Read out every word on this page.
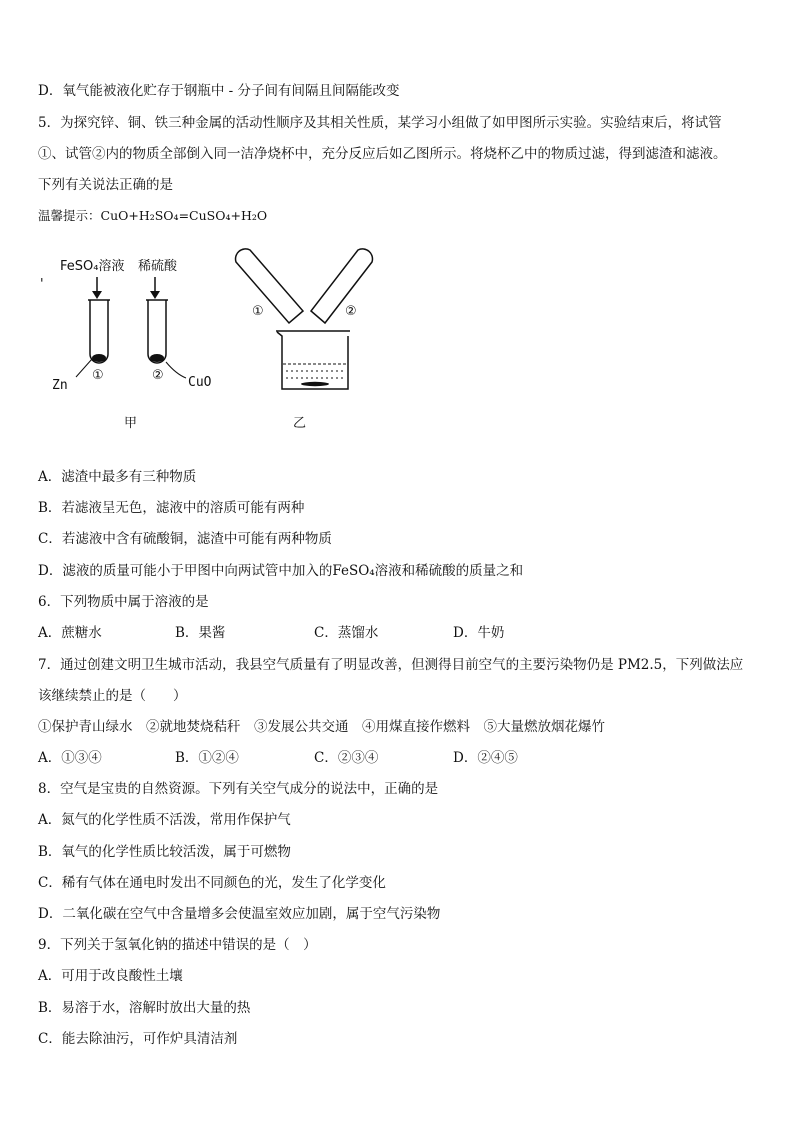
D．氧气能被液化贮存于钢瓶中 - 分子间有间隔且间隔能改变
5．为探究锌、铜、铁三种金属的活动性顺序及其相关性质，某学习小组做了如甲图所示实验。实验结束后，将试管
①、试管②内的物质全部倒入同一洁净烧杯中，充分反应后如乙图所示。将烧杯乙中的物质过滤，得到滤渣和滤液。
下列有关说法正确的是
温馨提示：CuO+H₂SO₄=CuSO₄+H₂O
FeSO₄溶液 稀硫酸
'
Zn
①	② CuO
甲
①	②
乙
A．滤渣中最多有三种物质
B．若滤液呈无色，滤液中的溶质可能有两种
C．若滤液中含有硫酸铜，滤渣中可能有两种物质
D．滤液的质量可能小于甲图中向两试管中加入的FeSO₄溶液和稀硫酸的质量之和
6．下列物质中属于溶液的是
A．蔗糖水	B．果酱	C．蒸馏水	D．牛奶
7．通过创建文明卫生城市活动，我县空气质量有了明显改善，但测得目前空气的主要污染物仍是 PM2.5，下列做法应
该继续禁止的是（　　）
①保护青山绿水　②就地焚烧秸秆　③发展公共交通　④用煤直接作燃料　⑤大量燃放烟花爆竹
A．①③④	B．①②④	C．②③④	D．②④⑤
8．空气是宝贵的自然资源。下列有关空气成分的说法中，正确的是
A．氮气的化学性质不活泼，常用作保护气
B．氧气的化学性质比较活泼，属于可燃物
C．稀有气体在通电时发出不同颜色的光，发生了化学变化
D．二氧化碳在空气中含量增多会使温室效应加剧，属于空气污染物
9．下列关于氢氧化钠的描述中错误的是（　）
A．可用于改良酸性土壤
B．易溶于水，溶解时放出大量的热
C．能去除油污，可作炉具清洁剂
